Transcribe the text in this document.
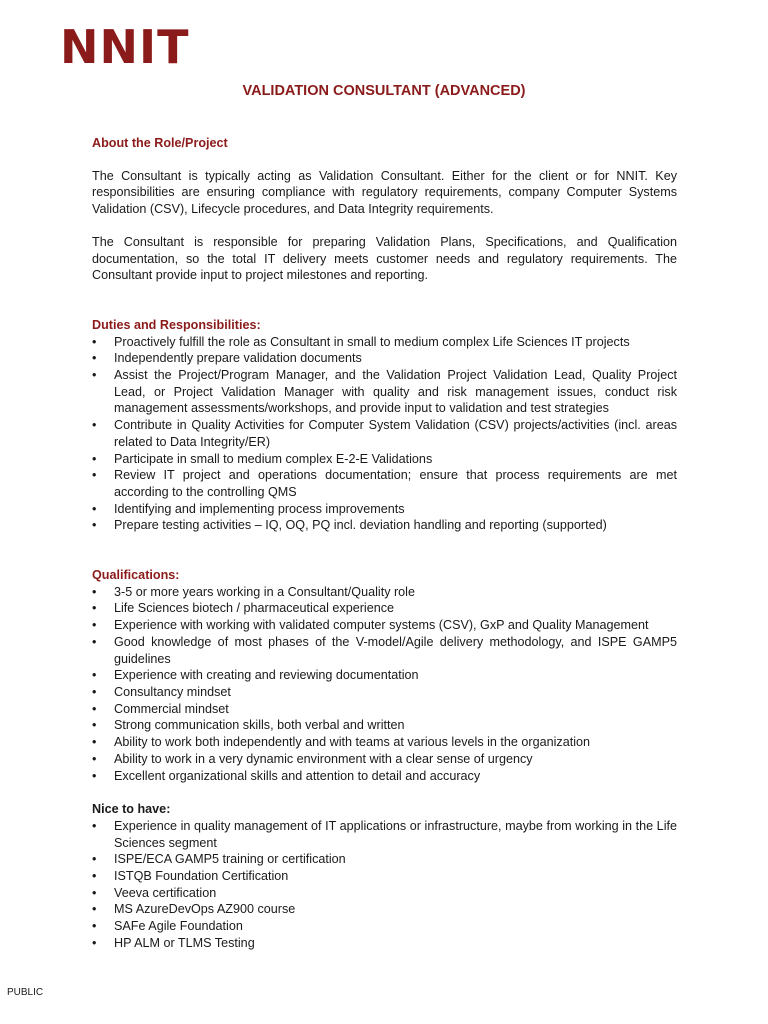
NNIT
VALIDATION CONSULTANT (ADVANCED)
About the Role/Project

The Consultant is typically acting as Validation Consultant. Either for the client or for NNIT. Key responsibilities are ensuring compliance with regulatory requirements, company Computer Systems Validation (CSV), Lifecycle procedures, and Data Integrity requirements.

The Consultant is responsible for preparing Validation Plans, Specifications, and Qualification documentation, so the total IT delivery meets customer needs and regulatory requirements. The Consultant provide input to project milestones and reporting.

Duties and Responsibilities:
• Proactively fulfill the role as Consultant in small to medium complex Life Sciences IT projects
• Independently prepare validation documents
• Assist the Project/Program Manager, and the Validation Project Validation Lead, Quality Project Lead, or Project Validation Manager with quality and risk management issues, conduct risk management assessments/workshops, and provide input to validation and test strategies
• Contribute in Quality Activities for Computer System Validation (CSV) projects/activities (incl. areas related to Data Integrity/ER)
• Participate in small to medium complex E-2-E Validations
• Review IT project and operations documentation; ensure that process requirements are met according to the controlling QMS
• Identifying and implementing process improvements
• Prepare testing activities – IQ, OQ, PQ incl. deviation handling and reporting (supported)
Qualifications:
• 3-5 or more years working in a Consultant/Quality role
• Life Sciences biotech / pharmaceutical experience
• Experience with working with validated computer systems (CSV), GxP and Quality Management
• Good knowledge of most phases of the V-model/Agile delivery methodology, and ISPE GAMP5 guidelines
• Experience with creating and reviewing documentation
• Consultancy mindset
• Commercial mindset
• Strong communication skills, both verbal and written
• Ability to work both independently and with teams at various levels in the organization
• Ability to work in a very dynamic environment with a clear sense of urgency
• Excellent organizational skills and attention to detail and accuracy
Nice to have:
• Experience in quality management of IT applications or infrastructure, maybe from working in the Life Sciences segment
• ISPE/ECA GAMP5 training or certification
• ISTQB Foundation Certification
• Veeva certification
• MS AzureDevOps AZ900 course
• SAFe Agile Foundation
• HP ALM or TLMS Testing
PUBLIC
